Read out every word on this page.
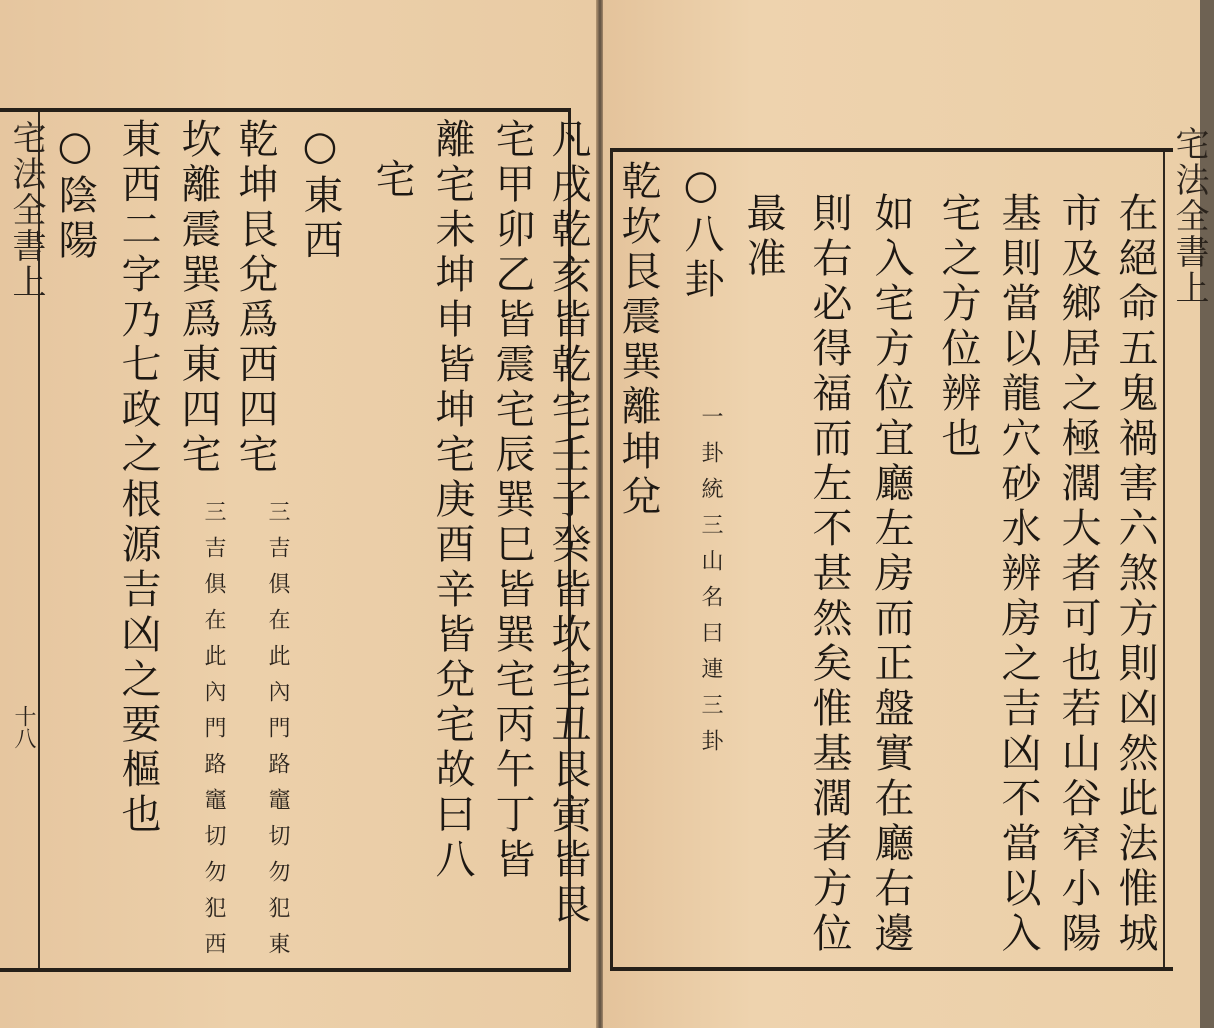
宅法全書上
十八	凡戌乾亥皆乾宅壬子癸皆坎宅丑艮寅皆艮
宅甲卯乙皆震宅辰巽巳皆巽宅丙午丁皆
離宅未坤申皆坤宅庚酉辛皆兌宅故曰八
宅
○東西
乾坤艮兌爲西四宅
坎離震巽爲東四宅
東西二字乃七政之根源吉凶之要樞也
○陰陽
三吉俱在此內門路竈切勿犯東
三吉俱在此內門路竈切勿犯西
宅法全書上
在絕命五鬼禍害六煞方則凶然此法惟城
市及鄉居之極濶大者可也若山谷窄小陽
基則當以龍穴砂水辨房之吉凶不當以入
宅之方位辨也
如入宅方位宜廳左房而正盤實在廳右邊
則右必得福而左不甚然矣惟基濶者方位
最准
○八卦
乾坎艮震巽離坤兌
一卦統三山名曰連三卦
